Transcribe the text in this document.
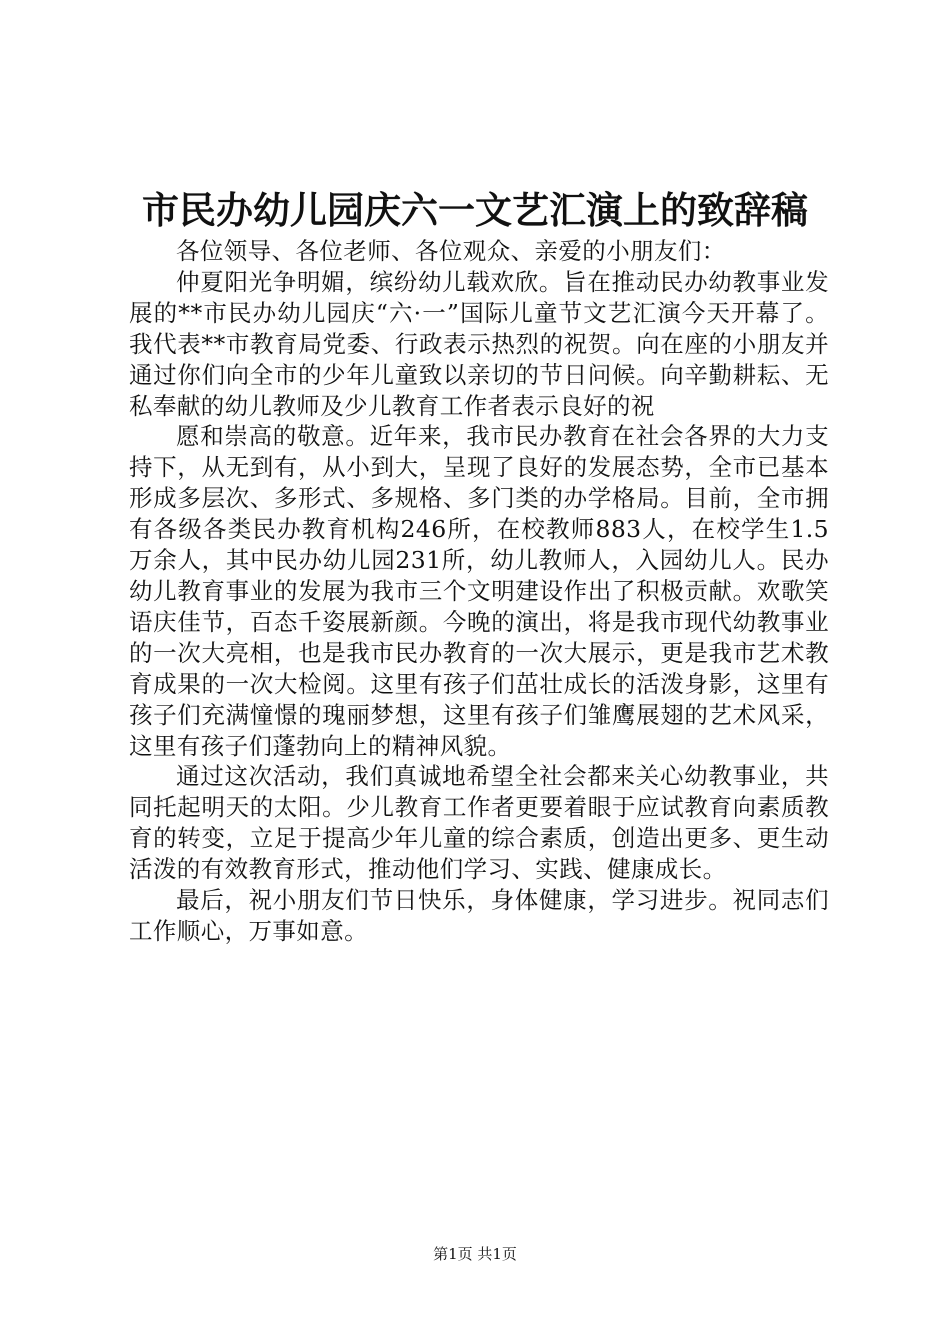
市民办幼儿园庆六一文艺汇演上的致辞稿

各位领导、各位老师、各位观众、亲爱的小朋友们：

仲夏阳光争明媚，缤纷幼儿载欢欣。旨在推动民办幼教事业发展的**市民办幼儿园庆“六·一”国际儿童节文艺汇演今天开幕了。我代表**市教育局党委、行政表示热烈的祝贺。向在座的小朋友并通过你们向全市的少年儿童致以亲切的节日问候。向辛勤耕耘、无私奉献的幼儿教师及少儿教育工作者表示良好的祝

愿和崇高的敬意。近年来，我市民办教育在社会各界的大力支持下，从无到有，从小到大，呈现了良好的发展态势，全市已基本形成多层次、多形式、多规格、多门类的办学格局。目前，全市拥有各级各类民办教育机构246所，在校教师883人，在校学生1.5万余人，其中民办幼儿园231所，幼儿教师人，入园幼儿人。民办幼儿教育事业的发展为我市三个文明建设作出了积极贡献。欢歌笑语庆佳节，百态千姿展新颜。今晚的演出，将是我市现代幼教事业的一次大亮相，也是我市民办教育的一次大展示，更是我市艺术教育成果的一次大检阅。这里有孩子们茁壮成长的活泼身影，这里有孩子们充满憧憬的瑰丽梦想，这里有孩子们雏鹰展翅的艺术风采，这里有孩子们蓬勃向上的精神风貌。

通过这次活动，我们真诚地希望全社会都来关心幼教事业，共同托起明天的太阳。少儿教育工作者更要着眼于应试教育向素质教育的转变，立足于提高少年儿童的综合素质，创造出更多、更生动活泼的有效教育形式，推动他们学习、实践、健康成长。

最后，祝小朋友们节日快乐，身体健康，学习进步。祝同志们工作顺心，万事如意。

第1页 共1页
